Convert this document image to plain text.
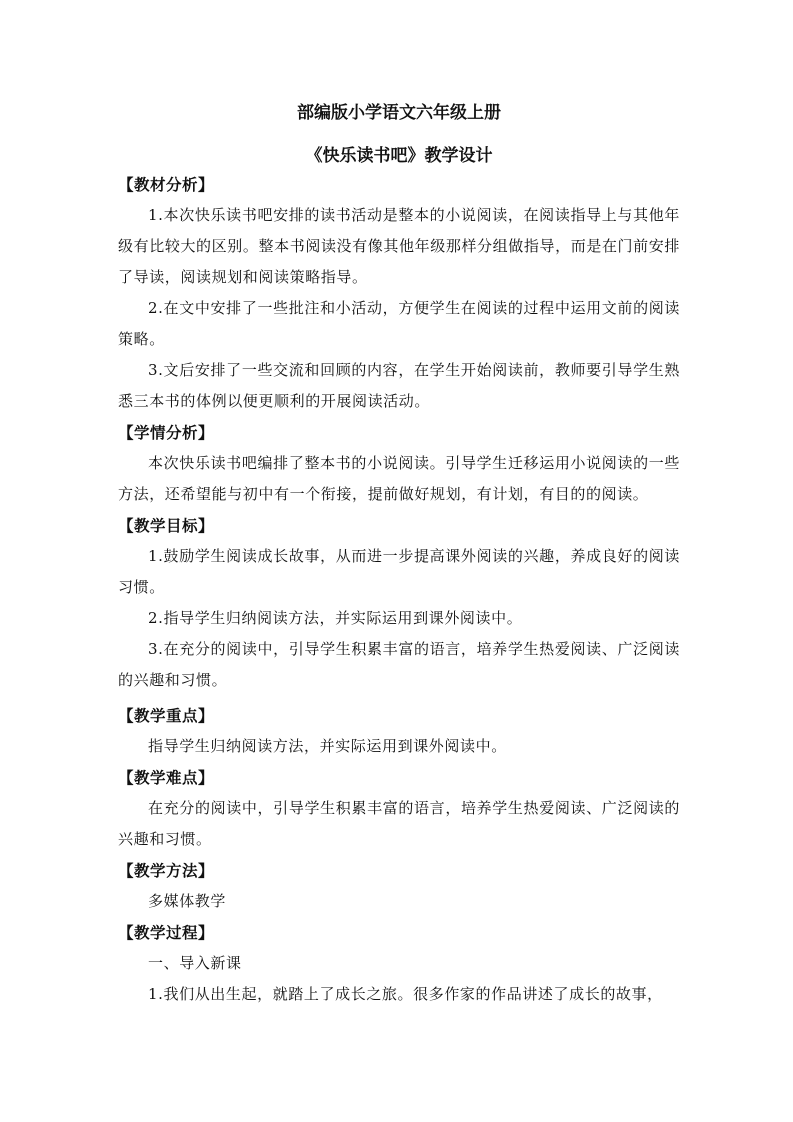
部编版小学语文六年级上册

《快乐读书吧》教学设计

【教材分析】

1.本次快乐读书吧安排的读书活动是整本的小说阅读，在阅读指导上与其他年级有比较大的区别。整本书阅读没有像其他年级那样分组做指导，而是在门前安排了导读，阅读规划和阅读策略指导。

2.在文中安排了一些批注和小活动，方便学生在阅读的过程中运用文前的阅读策略。

3.文后安排了一些交流和回顾的内容，在学生开始阅读前，教师要引导学生熟悉三本书的体例以便更顺利的开展阅读活动。

【学情分析】

本次快乐读书吧编排了整本书的小说阅读。引导学生迁移运用小说阅读的一些方法，还希望能与初中有一个衔接，提前做好规划，有计划，有目的的阅读。

【教学目标】

1.鼓励学生阅读成长故事，从而进一步提高课外阅读的兴趣，养成良好的阅读习惯。

2.指导学生归纳阅读方法，并实际运用到课外阅读中。

3.在充分的阅读中，引导学生积累丰富的语言，培养学生热爱阅读、广泛阅读的兴趣和习惯。

【教学重点】

指导学生归纳阅读方法，并实际运用到课外阅读中。

【教学难点】

在充分的阅读中，引导学生积累丰富的语言，培养学生热爱阅读、广泛阅读的兴趣和习惯。

【教学方法】

多媒体教学

【教学过程】

一、导入新课

1.我们从出生起，就踏上了成长之旅。很多作家的作品讲述了成长的故事，
